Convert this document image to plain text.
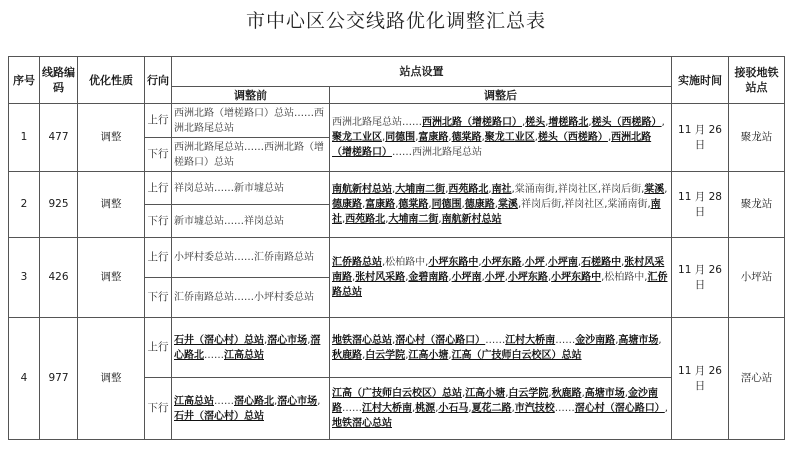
市中心区公交线路优化调整汇总表
序号	线路编码	优化性质	行向	站点设置		实施时间	接驳地铁站点
				调整前	调整后		
1	477	调整	上行	西洲北路（增槎路口）总站……西洲北路尾总站	西洲北路尾总站……西洲北路（增槎路口）,槎头,增槎路北,槎头（西槎路）,聚龙工业区,同德围,富康路,德棠路,聚龙工业区,槎头（西槎路）,西洲北路（增槎路口）……西洲北路尾总站	11 月 26 日	聚龙站
			下行	西洲北路尾总站……西洲北路（增槎路口）总站			
2	925	调整	上行	祥岗总站……新市墟总站	南航新村总站,大埔南二街,西苑路北,南社,棠涌南街,祥岗社区,祥岗后街,棠溪,德康路,富康路,德棠路,同德围,德康路,棠溪,祥岗后街,祥岗社区,棠涌南街,南社,西苑路北,大埔南二街,南航新村总站	11 月 28 日	聚龙站
			下行	新市墟总站……祥岗总站			
3	426	调整	上行	小坪村委总站……汇侨南路总站	汇侨路总站,松柏路中,小坪东路中,小坪东路,小坪,小坪南,石槎路中,张村风采南路,张村风采路,金碧南路,小坪南,小坪,小坪东路,小坪东路中,松柏路中,汇侨路总站	11 月 26 日	小坪站
			下行	汇侨南路总站……小坪村委总站			
4	977	调整	上行	石井（滘心村）总站,滘心市场,滘心路北……江高总站	地铁滘心总站,滘心村（滘心路口）……江村大桥南……金沙南路,高塘市场,秋鹿路,白云学院,江高小塘,江高（广技师白云校区）总站	11 月 26 日	滘心站
			下行	江高总站……滘心路北,滘心市场,石井（滘心村）总站	江高（广技师白云校区）总站,江高小塘,白云学院,秋鹿路,高塘市场,金沙南路……江村大桥南,桃源,小石马,夏花二路,市汽技校……滘心村（滘心路口）,地铁滘心总站		
